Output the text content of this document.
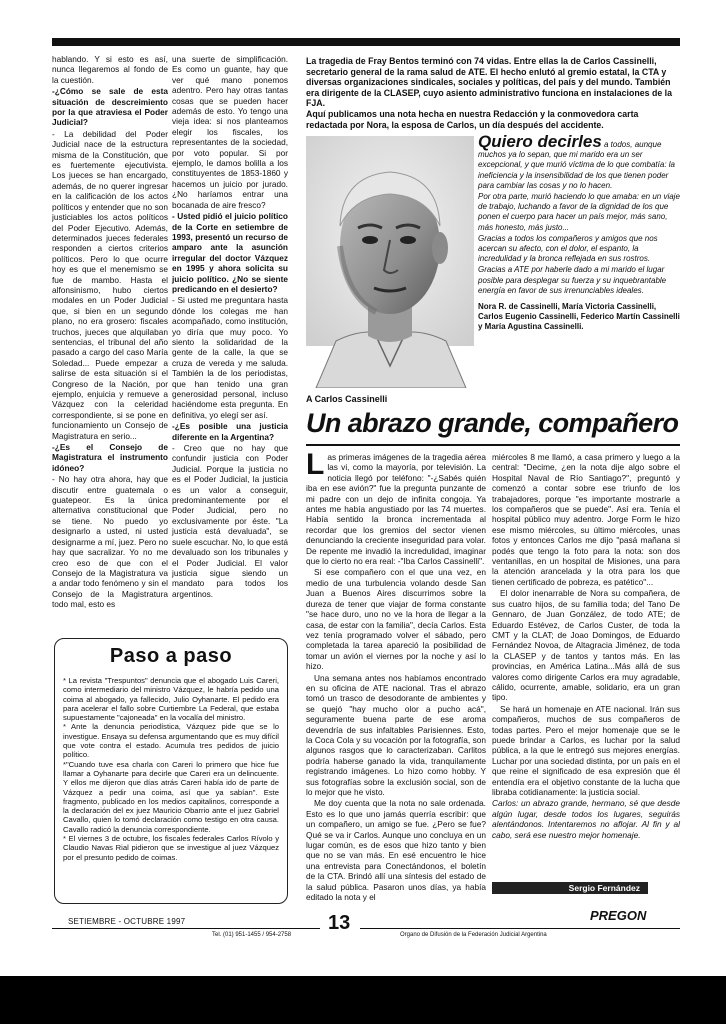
hablando. Y si esto es así, nunca llegaremos al fondo de la cuestión.

-¿Cómo se sale de esta situación de descreimiento por la que atraviesa el Poder Judicial?

- La debilidad del Poder Judicial nace de la estructura misma de la Constitución, que es fuertemente ejecutivista. Los jueces se han encargado, además, de no querer ingresar en la calificación de los actos políticos y entender que no son justiciables los actos políticos del Poder Ejecutivo. Además, determinados jueces federales responden a ciertos criterios políticos. Pero lo que ocurre hoy es que el menemismo se fue de mambo. Hasta el alfonsinismo, hubo ciertos modales en un Poder Judicial que, si bien en un segundo plano, no era grosero: fiscales truchos, jueces que alquilaban sentencias, el tribunal del año pasado a cargo del caso María Soledad... Puede empezar a salirse de esta situación si el Congreso de la Nación, por ejemplo, enjuicia y remueve a Vázquez con la celeridad correspondiente, si se pone en funcionamiento un Consejo de Magistratura en serio...

-¿Es el Consejo de Magistratura el instrumento idóneo?

- No hay otra ahora, hay que discutir entre guatemala o guatepeor. Es la única alternativa constitucional que se tiene. No puedo yo designarlo a usted, ni usted designarme a mí, juez. Pero no hay que sacralizar. Yo no me creo eso de que con el Consejo de la Magistratura va a andar todo fenómeno y sin el Consejo de la Magistratura todo mal, esto es

una suerte de simplificación. Es como un guante, hay que ver qué mano ponemos adentro. Pero hay otras tantas cosas que se pueden hacer además de esto. Yo tengo una vieja idea: si nos planteamos elegir los fiscales, los representantes de la sociedad, por voto popular. Si por ejemplo, le damos bolilla a los constituyentes de 1853-1860 y hacemos un juicio por jurado. ¿No haríamos entrar una bocanada de aire fresco?

- Usted pidió el juicio político de la Corte en setiembre de 1993, presentó un recurso de amparo ante la asunción irregular del doctor Vázquez en 1995 y ahora solicita su juicio político. ¿No se siente predicando en el desierto?

- Si usted me preguntara hasta dónde los colegas me han acompañado, como institución, yo diría que muy poco. Yo siento la solidaridad de la gente de la calle, la que se cruza de vereda y me saluda. También la de los periodistas, que han tenido una gran generosidad personal, incluso haciéndome esta pregunta. En definitiva, yo elegí ser así.

-¿Es posible una justicia diferente en la Argentina?

- Creo que no hay que confundir justicia con Poder Judicial. Porque la justicia no es el Poder Judicial, la justicia es un valor a conseguir, predominantemente por el Poder Judicial, pero no exclusivamente por éste. "La justicia está devaluada", se suele escuchar. No, lo que está devaluado son los tribunales y el Poder Judicial. El valor justicia sigue siendo un mandato para todos los argentinos.

Paso a paso

* La revista "Trespuntos" denuncia que el abogado Luis Careri, como intermediario del ministro Vázquez, le habría pedido una coima al abogado, ya fallecido, Julio Oyhanarte. El pedido era para acelerar el fallo sobre Curtiembre La Federal, que estaba supuestamente "cajoneada" en la vocalía del ministro.

* Ante la denuncia periodística, Vázquez pide que se lo investigue. Ensaya su defensa argumentando que es muy difícil que vote contra el estado. Acumula tres pedidos de juicio político.

*"Cuando tuve esa charla con Careri lo primero que hice fue llamar a Oyhanarte para decirle que Careri era un delincuente. Y ellos me dijeron que días atrás Careri había ido de parte de Vázquez a pedir una coima, así que ya sabían". Este fragmento, publicado en los medios capitalinos, corresponde a la declaración del ex juez Mauricio Obarrio ante el juez Gabriel Cavallo, quien lo tomó declaración como testigo en otra causa. Cavallo radicó la denuncia correspondiente.

* El viernes 3 de octubre, los fiscales federales Carlos Rívolo y Claudio Navas Rial pidieron que se investigue al juez Vázquez por el presunto pedido de coimas.

La tragedia de Fray Bentos terminó con 74 vidas. Entre ellas la de Carlos Cassinelli, secretario general de la rama salud de ATE. El hecho enlutó al gremio estatal, la CTA y diversas organizaciones sindicales, sociales y políticas, del país y del mundo. También era dirigente de la CLASEP, cuyo asiento administrativo funciona en instalaciones de la FJA.

Aquí publicamos una nota hecha en nuestra Redacción y la conmovedora carta redactada por Nora, la esposa de Carlos, un día después del accidente.

Quiero decirles a todos, aunque muchos ya lo sepan, que mi marido era un ser excepcional, y que murió víctima de lo que combatía: la ineficiencia y la insensibilidad de los que tienen poder para cambiar las cosas y no lo hacen.

Por otra parte, murió haciendo lo que amaba: en un viaje de trabajo, luchando a favor de la dignidad de los que ponen el cuerpo para hacer un país mejor, más sano, más honesto, más justo...

Gracias a todos los compañeros y amigos que nos acercan su afecto, con el dolor, el espanto, la incredulidad y la bronca reflejada en sus rostros.

Gracias a ATE por haberle dado a mi marido el lugar posible para desplegar su fuerza y su inquebrantable energía en favor de sus irrenunciables ideales.

Nora R. de Cassinelli, María Victoria Cassinelli, Carlos Eugenio Cassinelli, Federico Martín Cassinelli y María Agustina Cassinelli.

A Carlos Cassinelli
Un abrazo grande, compañero

Las primeras imágenes de la tragedia aérea las vi, como la mayoría, por televisión. La noticia llegó por teléfono: "-¿Sabés quién iba en ese avión?" fue la pregunta punzante de mi padre con un dejo de infinita congoja. Ya antes me había angustiado por las 74 muertes. Había sentido la bronca incrementada al recordar que los gremios del sector vienen denunciando la creciente inseguridad para volar. De repente me invadió la incredulidad, imaginar que lo cierto no era real: -"Iba Carlos Cassinelli".

Si ese compañero con el que una vez, en medio de una turbulencia volando desde San Juan a Buenos Aires discurrimos sobre la dureza de tener que viajar de forma constante "se hace duro, uno no ve la hora de llegar a la casa, de estar con la familia", decía Carlos. Esta vez tenía programado volver el sábado, pero completada la tarea apareció la posibilidad de tomar un avión el viernes por la noche y así lo hizo.

Una semana antes nos habíamos encontrado en su oficina de ATE nacional. Tras el abrazo tomó un trasco de desodorante de ambientes y se quejó "hay mucho olor a pucho acá", seguramente buena parte de ese aroma devendría de sus infaltables Parisiennes. Esto, la Coca Cola y su vocación por la fotografía, son algunos rasgos que lo caracterizaban. Carlitos podría haberse ganado la vida, tranquilamente registrando imágenes. Lo hizo como hobby. Y sus fotografías sobre la exclusión social, son de lo mejor que he visto.

Me doy cuenta que la nota no sale ordenada. Esto es lo que uno jamás querría escribir: que un compañero, un amigo se fue. ¿Pero se fue? Qué se va ir Carlos. Aunque uno concluya en un lugar común, es de esos que hizo tanto y bien que no se van más. En esé encuentro le hice una entrevista para Conectándonos, el boletín de la CTA. Brindó allí una síntesis del estado de la salud pública. Pasaron unos días, ya había editado la nota y el

miércoles 8 me llamó, a casa primero y luego a la central: "Decime, ¿en la nota dije algo sobre el Hospital Naval de Río Santiago?", preguntó y comenzó a contar sobre ese triunfo de los trabajadores, porque "es importante mostrarle a los compañeros que se puede". Así era. Tenía el hospital público muy adentro. Jorge Form le hizo ese mismo miércoles, su último miércoles, unas fotos y entonces Carlos me dijo "pasá mañana si podés que tengo la foto para la nota: son dos ventanillas, en un hospital de Misiones, una para la atención arancelada y la otra para los que tienen certificado de pobreza, es patético"...

El dolor inenarrable de Nora su compañera, de sus cuatro hijos, de su familia toda; del Tano De Gennaro, de Juan González, de todo ATE; de Eduardo Estévez, de Carlos Custer, de toda la CMT y la CLAT; de Joao Domingos, de Eduardo Fernández Novoa, de Altagracia Jiménez, de toda la CLASEP y de tantos y tantos más. En las provincias, en América Latina...Más allá de sus valores como dirigente Carlos era muy agradable, cálido, ocurrente, amable, solidario, era un gran tipo.

Se hará un homenaje en ATE nacional. Irán sus compañeros, muchos de sus compañeros de todas partes. Pero el mejor homenaje que se le puede brindar a Carlos, es luchar por la salud pública, a la que le entregó sus mejores energías. Luchar por una sociedad distinta, por un país en el que reine el significado de esa expresión que él entendía era el objetivo constante de la lucha que libraba cotidianamente: la justicia social.

Carlos: un abrazo grande, hermano, sé que desde algún lugar, desde todos los lugares, seguirás alentándonos. Intentaremos no aflojar. Al fin y al cabo, será ese nuestro mejor homenaje.

Sergio Fernández
SETIEMBRE - OCTUBRE 1997	13
Tel. (01) 951-1455 / 954-2758	Organo de Difusión de la Federación Judicial Argentina
PREGON
